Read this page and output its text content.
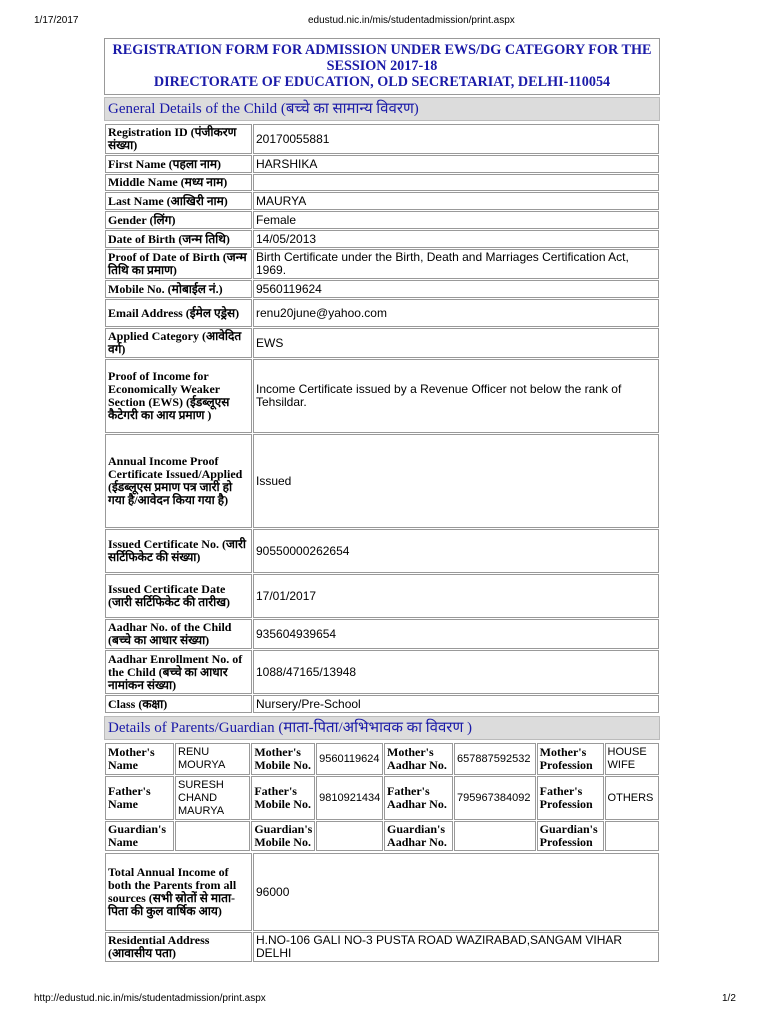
1/17/2017	edustud.nic.in/mis/studentadmission/print.aspx
REGISTRATION FORM FOR ADMISSION UNDER EWS/DG CATEGORY FOR THE SESSION 2017-18
DIRECTORATE OF EDUCATION, OLD SECRETARIAT, DELHI-110054
General Details of the Child (बच्चे का सामान्य विवरण)
Registration ID (पंजीकरण संख्या)	20170055881
First Name (पहला नाम)	HARSHIKA
Middle Name (मध्य नाम)	
Last Name (आखिरी नाम)	MAURYA
Gender (लिंग)	Female
Date of Birth (जन्म तिथि)	14/05/2013
Proof of Date of Birth (जन्म तिथि का प्रमाण)	Birth Certificate under the Birth, Death and Marriages Certification Act, 1969.
Mobile No. (मोबाईल नं.)	9560119624
Email Address (ईमेल एड्रेस)	renu20june@yahoo.com
Applied Category (आवेदित वर्ग)	EWS
Proof of Income for Economically Weaker Section (EWS) (ईडब्लूएस कैटेगरी का आय प्रमाण )	Income Certificate issued by a Revenue Officer not below the rank of Tehsildar.
Annual Income Proof Certificate Issued/Applied (ईडब्लूएस प्रमाण पत्र जारी हो गया है/आवेदन किया गया है)	Issued
Issued Certificate No. (जारी सर्टिफिकेट की संख्या)	90550000262654
Issued Certificate Date (जारी सर्टिफिकेट की तारीख)	17/01/2017
Aadhar No. of the Child (बच्चे का आधार संख्या)	935604939654
Aadhar Enrollment No. of the Child (बच्चे का आधार नामांकन संख्या)	1088/47165/13948
Class (कक्षा)	Nursery/Pre-School
Details of Parents/Guardian (माता-पिता/अभिभावक का विवरण )
Mother's Name	RENU MOURYA	Mother's Mobile No.	9560119624	Mother's Aadhar No.	657887592532	Mother's Profession	HOUSE WIFE
Father's Name	SURESH CHAND MAURYA	Father's Mobile No.	9810921434	Father's Aadhar No.	795967384092	Father's Profession	OTHERS
Guardian's Name		Guardian's Mobile No.		Guardian's Aadhar No.		Guardian's Profession	
Total Annual Income of both the Parents from all sources (सभी स्रोतों से माता-पिता की कुल वार्षिक आय)	96000
Residential Address (आवासीय पता)	H.NO-106 GALI NO-3 PUSTA ROAD WAZIRABAD,SANGAM VIHAR DELHI
http://edustud.nic.in/mis/studentadmission/print.aspx	1/2
